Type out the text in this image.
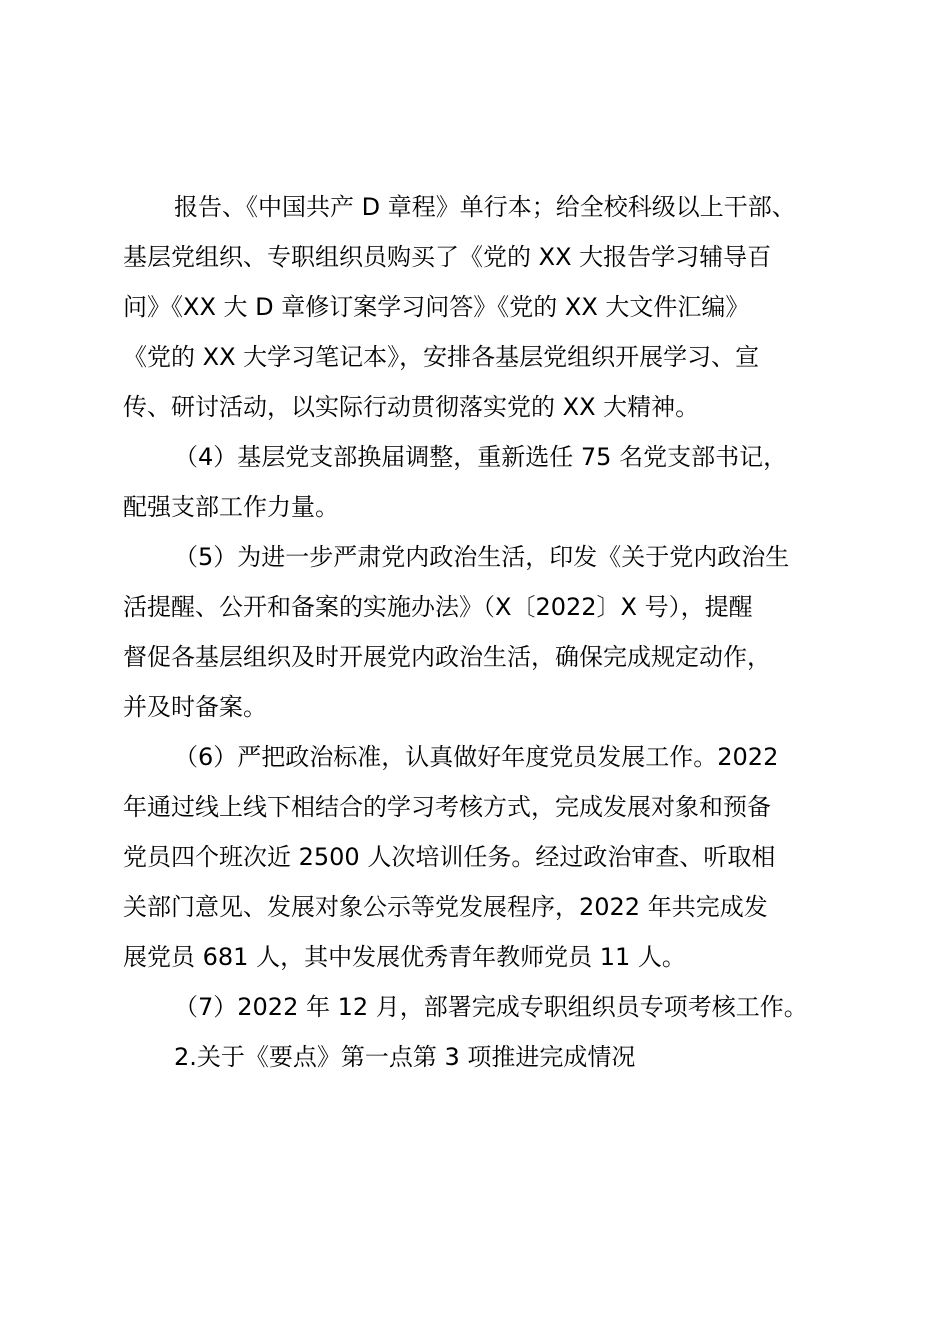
报告、《中国共产 D 章程》单行本；给全校科级以上干部、
基层党组织、专职组织员购买了《党的 XX 大报告学习辅导百
问》《XX 大 D 章修订案学习问答》《党的 XX 大文件汇编》
《党的 XX 大学习笔记本》，安排各基层党组织开展学习、宣
传、研讨活动，以实际行动贯彻落实党的 XX 大精神。
（4）基层党支部换届调整，重新选任 75 名党支部书记，
配强支部工作力量。
（5）为进一步严肃党内政治生活，印发《关于党内政治生
活提醒、公开和备案的实施办法》（X〔2022〕X 号），提醒
督促各基层组织及时开展党内政治生活，确保完成规定动作，
并及时备案。
（6）严把政治标准，认真做好年度党员发展工作。2022
年通过线上线下相结合的学习考核方式，完成发展对象和预备
党员四个班次近 2500 人次培训任务。经过政治审查、听取相
关部门意见、发展对象公示等党发展程序，2022 年共完成发
展党员 681 人，其中发展优秀青年教师党员 11 人。
（7）2022 年 12 月，部署完成专职组织员专项考核工作。
2.关于《要点》第一点第 3 项推进完成情况
